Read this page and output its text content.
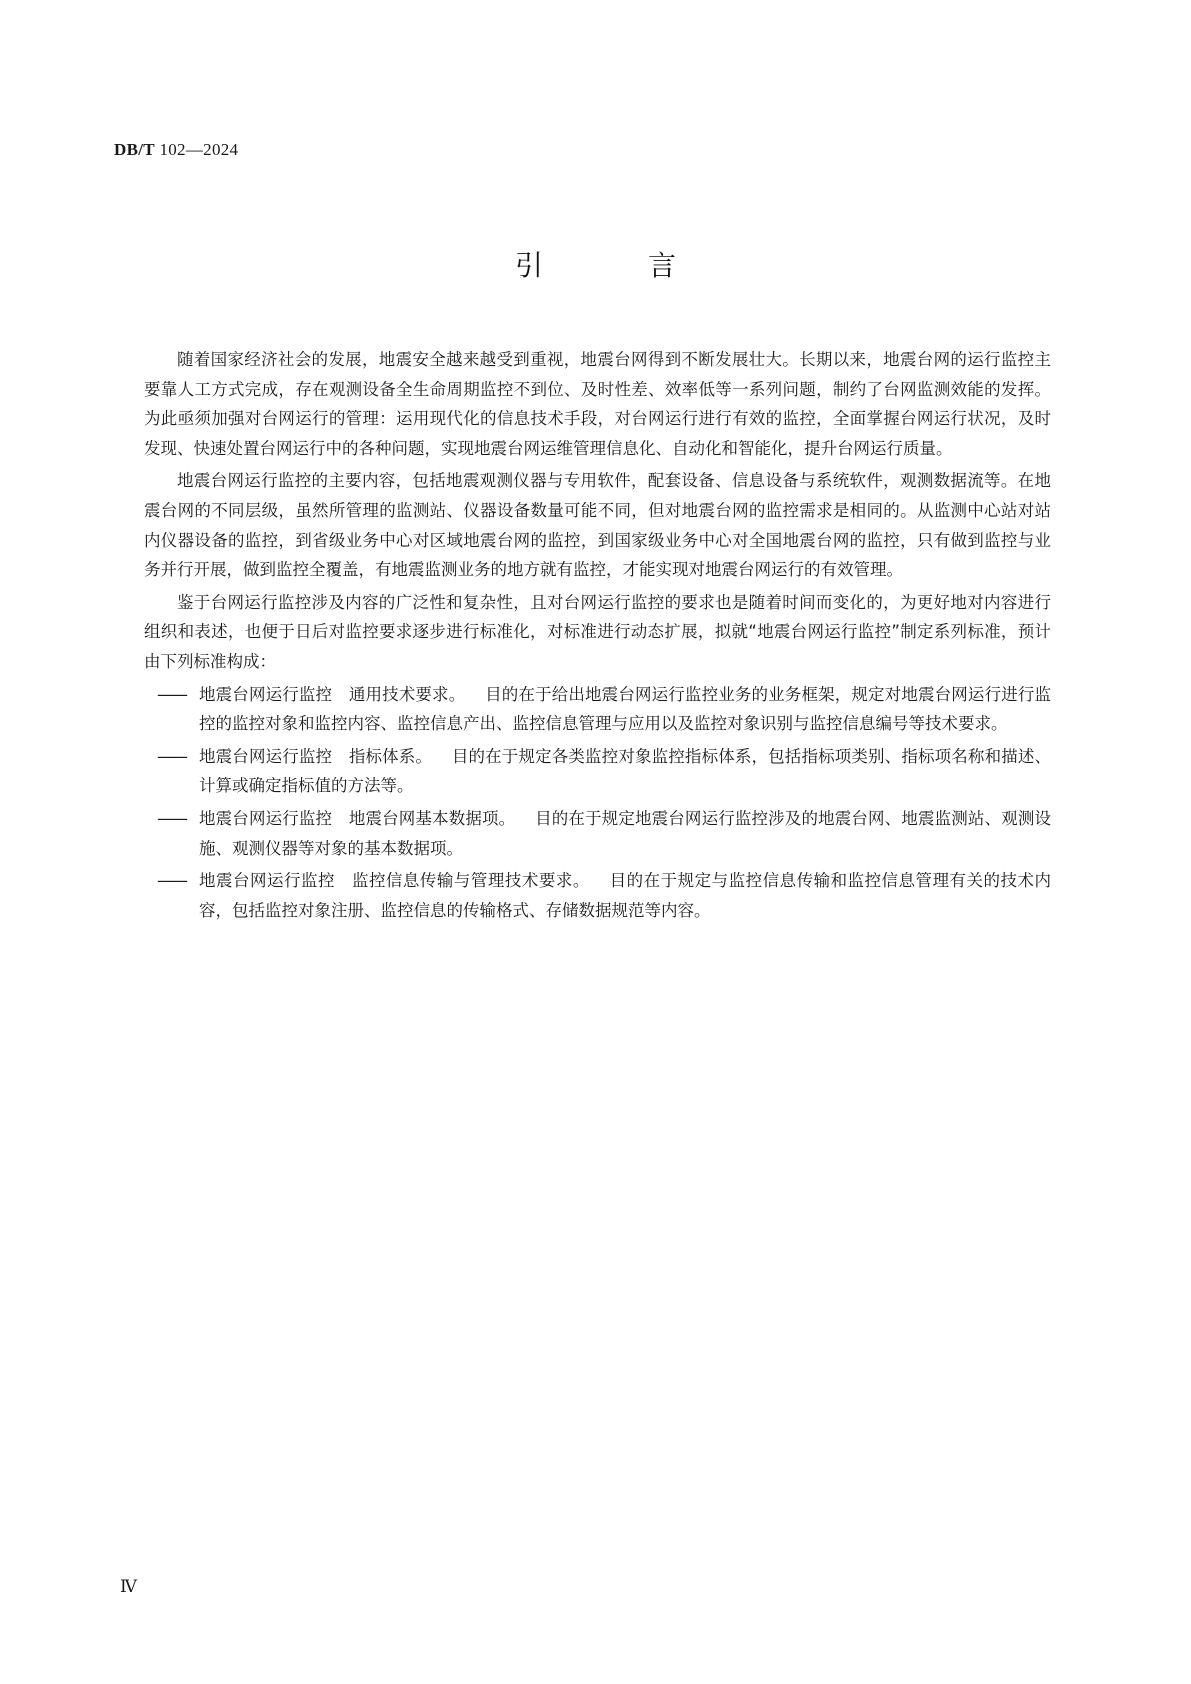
DB/T 102—2024
引 言

随着国家经济社会的发展，地震安全越来越受到重视，地震台网得到不断发展壮大。长期以来，地震台网的运行监控主要靠人工方式完成，存在观测设备全生命周期监控不到位、及时性差、效率低等一系列问题，制约了台网监测效能的发挥。为此亟须加强对台网运行的管理：运用现代化的信息技术手段，对台网运行进行有效的监控，全面掌握台网运行状况，及时发现、快速处置台网运行中的各种问题，实现地震台网运维管理信息化、自动化和智能化，提升台网运行质量。

地震台网运行监控的主要内容，包括地震观测仪器与专用软件，配套设备、信息设备与系统软件，观测数据流等。在地震台网的不同层级，虽然所管理的监测站、仪器设备数量可能不同，但对地震台网的监控需求是相同的。从监测中心站对站内仪器设备的监控，到省级业务中心对区域地震台网的监控，到国家级业务中心对全国地震台网的监控，只有做到监控与业务并行开展，做到监控全覆盖，有地震监测业务的地方就有监控，才能实现对地震台网运行的有效管理。

鉴于台网运行监控涉及内容的广泛性和复杂性，且对台网运行监控的要求也是随着时间而变化的，为更好地对内容进行组织和表述，也便于日后对监控要求逐步进行标准化，对标准进行动态扩展，拟就“地震台网运行监控”制定系列标准，预计由下列标准构成：

—— 地震台网运行监控　通用技术要求。 目的在于给出地震台网运行监控业务的业务框架，规定对地震台网运行进行监控的监控对象和监控内容、监控信息产出、监控信息管理与应用以及监控对象识别与监控信息编号等技术要求。
—— 地震台网运行监控　指标体系。 目的在于规定各类监控对象监控指标体系，包括指标项类别、指标项名称和描述、计算或确定指标值的方法等。
—— 地震台网运行监控　地震台网基本数据项。 目的在于规定地震台网运行监控涉及的地震台网、地震监测站、观测设施、观测仪器等对象的基本数据项。
—— 地震台网运行监控　监控信息传输与管理技术要求。 目的在于规定与监控信息传输和监控信息管理有关的技术内容，包括监控对象注册、监控信息的传输格式、存储数据规范等内容。
Ⅳ
